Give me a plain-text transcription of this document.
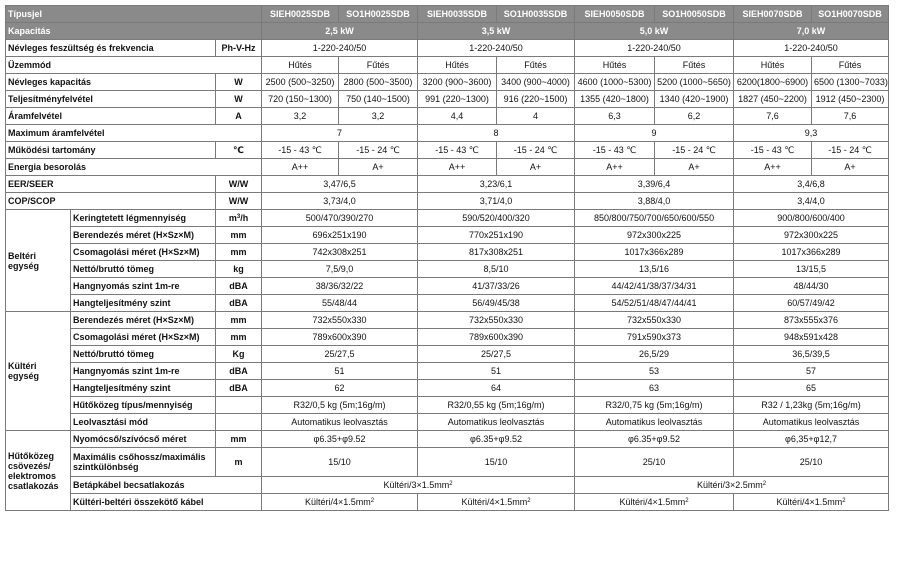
Típusjel			SIEH0025SDB	SO1H0025SDB	SIEH0035SDB	SO1H0035SDB	SIEH0050SDB	SO1H0050SDB	SIEH0070SDB	SO1H0070SDB
Kapacitás			2,5 kW		3,5 kW		5,0 kW		7,0 kW	
Névleges feszültség és frekvencia		Ph-V-Hz	1-220-240/50		1-220-240/50		1-220-240/50		1-220-240/50	
Üzemmód			Hűtés	Fűtés	Hűtés	Fűtés	Hűtés	Fűtés	Hűtés	Fűtés
Névleges kapacitás		W	2500 (500~3250)	2800 (500~3500)	3200 (900~3600)	3400 (900~4000)	4600 (1000~5300)	5200 (1000~5650)	6200(1800~6900)	6500 (1300~7033)
Teljesítményfelvétel		W	720 (150~1300)	750 (140~1500)	991 (220~1300)	916 (220~1500)	1355 (420~1800)	1340 (420~1900)	1827 (450~2200)	1912 (450~2300)
Áramfelvétel		A	3,2	3,2	4,4	4	6,3	6,2	7,6	7,6
Maximum áramfelvétel			7		8		9		9,3	
Működési tartomány		℃	-15 - 43 ℃	-15 - 24 ℃	-15 - 43 ℃	-15 - 24 ℃	-15 - 43 ℃	-15 - 24 ℃	-15 - 43 ℃	-15 - 24 ℃
Energia besorolás			A++	A+	A++	A+	A++	A+	A++	A+
EER/SEER		W/W	3,47/6,5		3,23/6,1		3,39/6,4		3,4/6,8	
COP/SCOP		W/W	3,73/4,0		3,71/4,0		3,88/4,0		3,4/4,0	
Beltéri egység	Keringtetett légmennyiség	$m^3/h$	500/470/390/270		590/520/400/320		850/800/750/700/650/600/550		900/800/600/400	
	Berendezés méret (H×Sz×M)	mm	696x251x190		770x251x190		972x300x225		972x300x225	
	Csomagolási méret (H×Sz×M)	mm	742x308x251		817x308x251		1017x366x289		1017x366x289	
	Nettó/bruttó tömeg	kg	7,5/9,0		8,5/10		13,5/16		13/15,5	
	Hangnyomás szint 1m-re	dBA	38/36/32/22		41/37/33/26		44/42/41/38/37/34/31		48/44/30	
	Hangteljesítmény szint	dBA	55/48/44		56/49/45/38		54/52/51/48/47/44/41		60/57/49/42	
Kültéri egység	Berendezés méret (H×Sz×M)	mm	732x550x330		732x550x330		732x550x330		873x555x376	
	Csomagolási méret (H×Sz×M)	mm	789x600x390		789x600x390		791x590x373		948x591x428	
	Nettó/bruttó tömeg	Kg	25/27,5		25/27,5		26,5/29		36,5/39,5	
	Hangnyomás szint 1m-re	dBA	51		51		53		57	
	Hangteljesítmény szint	dBA	62		64		63		65	
	Hűtőközeg típus/mennyiség		R32/0,5 kg (5m;16g/m)		R32/0,55 kg (5m;16g/m)		R32/0,75 kg (5m;16g/m)		R32 / 1,23kg (5m;16g/m)	
	Leolvasztási mód		Automatikus leolvasztás		Automatikus leolvasztás		Automatikus leolvasztás		Automatikus leolvasztás	
Hűtőközeg csövezés/ elektromos csatlakozás	Nyomócső/szívócső méret	mm	φ6.35+φ9.52		φ6.35+φ9.52		φ6.35+φ9.52		φ6,35+φ12,7	
	Maximális csőhossz/maximális szintkülönbség	m	15/10		15/10		25/10		25/10	
	Betápkábel becsatlakozás		Kültéri/$3\times 1.5mm^2$				Kültéri/$3\times 2.5mm^2$
	Kültéri-beltéri összekötő kábel		Kültéri/$4\times 1.5mm^2$		Kültéri/$4\times 1.5mm^2$		Kültéri/$4\times 1.5mm^2$		Kültéri/$4\times 1.5mm^2$
